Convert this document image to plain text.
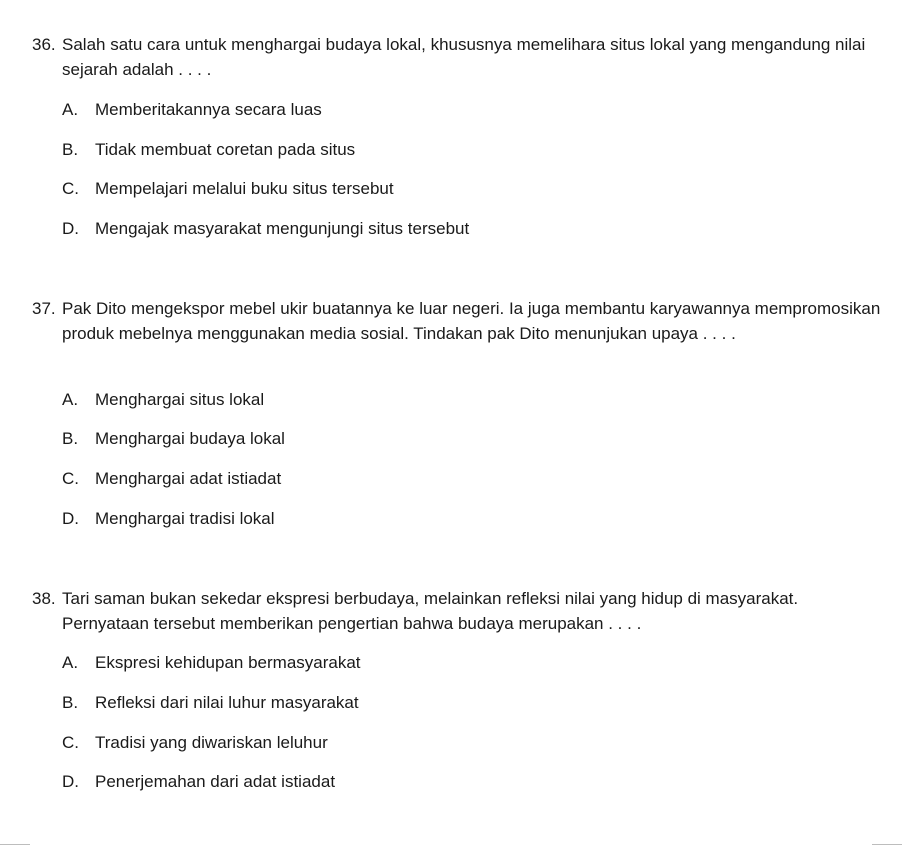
36. Salah satu cara untuk menghargai budaya lokal, khususnya memelihara situs lokal yang mengandung nilai sejarah adalah . . . .
A. Memberitakannya secara luas
B. Tidak membuat coretan pada situs
C. Mempelajari melalui buku situs tersebut
D. Mengajak masyarakat mengunjungi situs tersebut
37. Pak Dito mengekspor mebel ukir buatannya ke luar negeri. Ia juga membantu karyawannya mempromosikan produk mebelnya menggunakan media sosial. Tindakan pak Dito menunjukan upaya . . . .
A. Menghargai situs lokal
B. Menghargai budaya lokal
C. Menghargai adat istiadat
D. Menghargai tradisi lokal
38. Tari saman bukan sekedar ekspresi berbudaya, melainkan refleksi nilai yang hidup di masyarakat. Pernyataan tersebut memberikan pengertian bahwa budaya merupakan . . . .
A. Ekspresi kehidupan bermasyarakat
B. Refleksi dari nilai luhur masyarakat
C. Tradisi yang diwariskan leluhur
D. Penerjemahan dari adat istiadat
